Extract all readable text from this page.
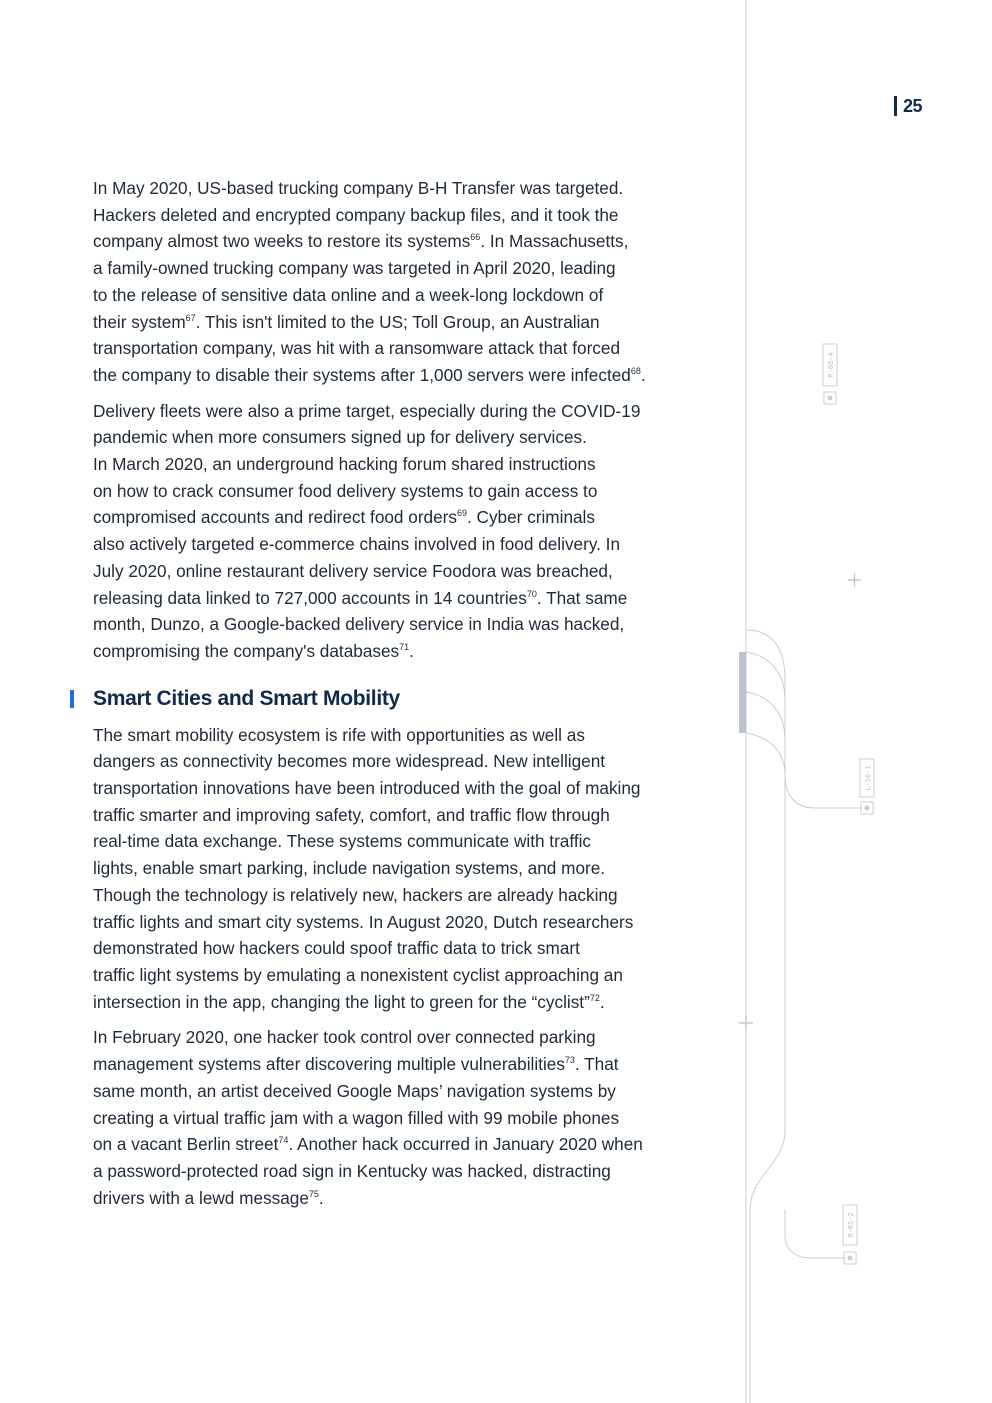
25

In May 2020, US-based trucking company B-H Transfer was targeted.
Hackers deleted and encrypted company backup files, and it took the
company almost two weeks to restore its systems$^{66}$. In Massachusetts,
a family-owned trucking company was targeted in April 2020, leading
to the release of sensitive data online and a week-long lockdown of
their system$^{67}$. This isn't limited to the US; Toll Group, an Australian
transportation company, was hit with a ransomware attack that forced
the company to disable their systems after 1,000 servers were infected$^{68}$.

Delivery fleets were also a prime target, especially during the COVID-19
pandemic when more consumers signed up for delivery services.
In March 2020, an underground hacking forum shared instructions
on how to crack consumer food delivery systems to gain access to
compromised accounts and redirect food orders$^{69}$. Cyber criminals
also actively targeted e-commerce chains involved in food delivery. In
July 2020, online restaurant delivery service Foodora was breached,
releasing data linked to 727,000 accounts in 14 countries$^{70}$. That same
month, Dunzo, a Google-backed delivery service in India was hacked,
compromising the company's databases$^{71}$.

Smart Cities and Smart Mobility

The smart mobility ecosystem is rife with opportunities as well as
dangers as connectivity becomes more widespread. New intelligent
transportation innovations have been introduced with the goal of making
traffic smarter and improving safety, comfort, and traffic flow through
real-time data exchange. These systems communicate with traffic
lights, enable smart parking, include navigation systems, and more.
Though the technology is relatively new, hackers are already hacking
traffic lights and smart city systems. In August 2020, Dutch researchers
demonstrated how hackers could spoof traffic data to trick smart
traffic light systems by emulating a nonexistent cyclist approaching an
intersection in the app, changing the light to green for the “cyclist”$^{72}$.

In February 2020, one hacker took control over connected parking
management systems after discovering multiple vulnerabilities$^{73}$. That
same month, an artist deceived Google Maps’ navigation systems by
creating a virtual traffic jam with a wagon filled with 99 mobile phones
on a vacant Berlin street$^{74}$. Another hack occurred in January 2020 when
a password-protected road sign in Kentucky was hacked, distracting
drivers with a lewd message$^{75}$.

R-08-4
L-56-1
R-85-2
